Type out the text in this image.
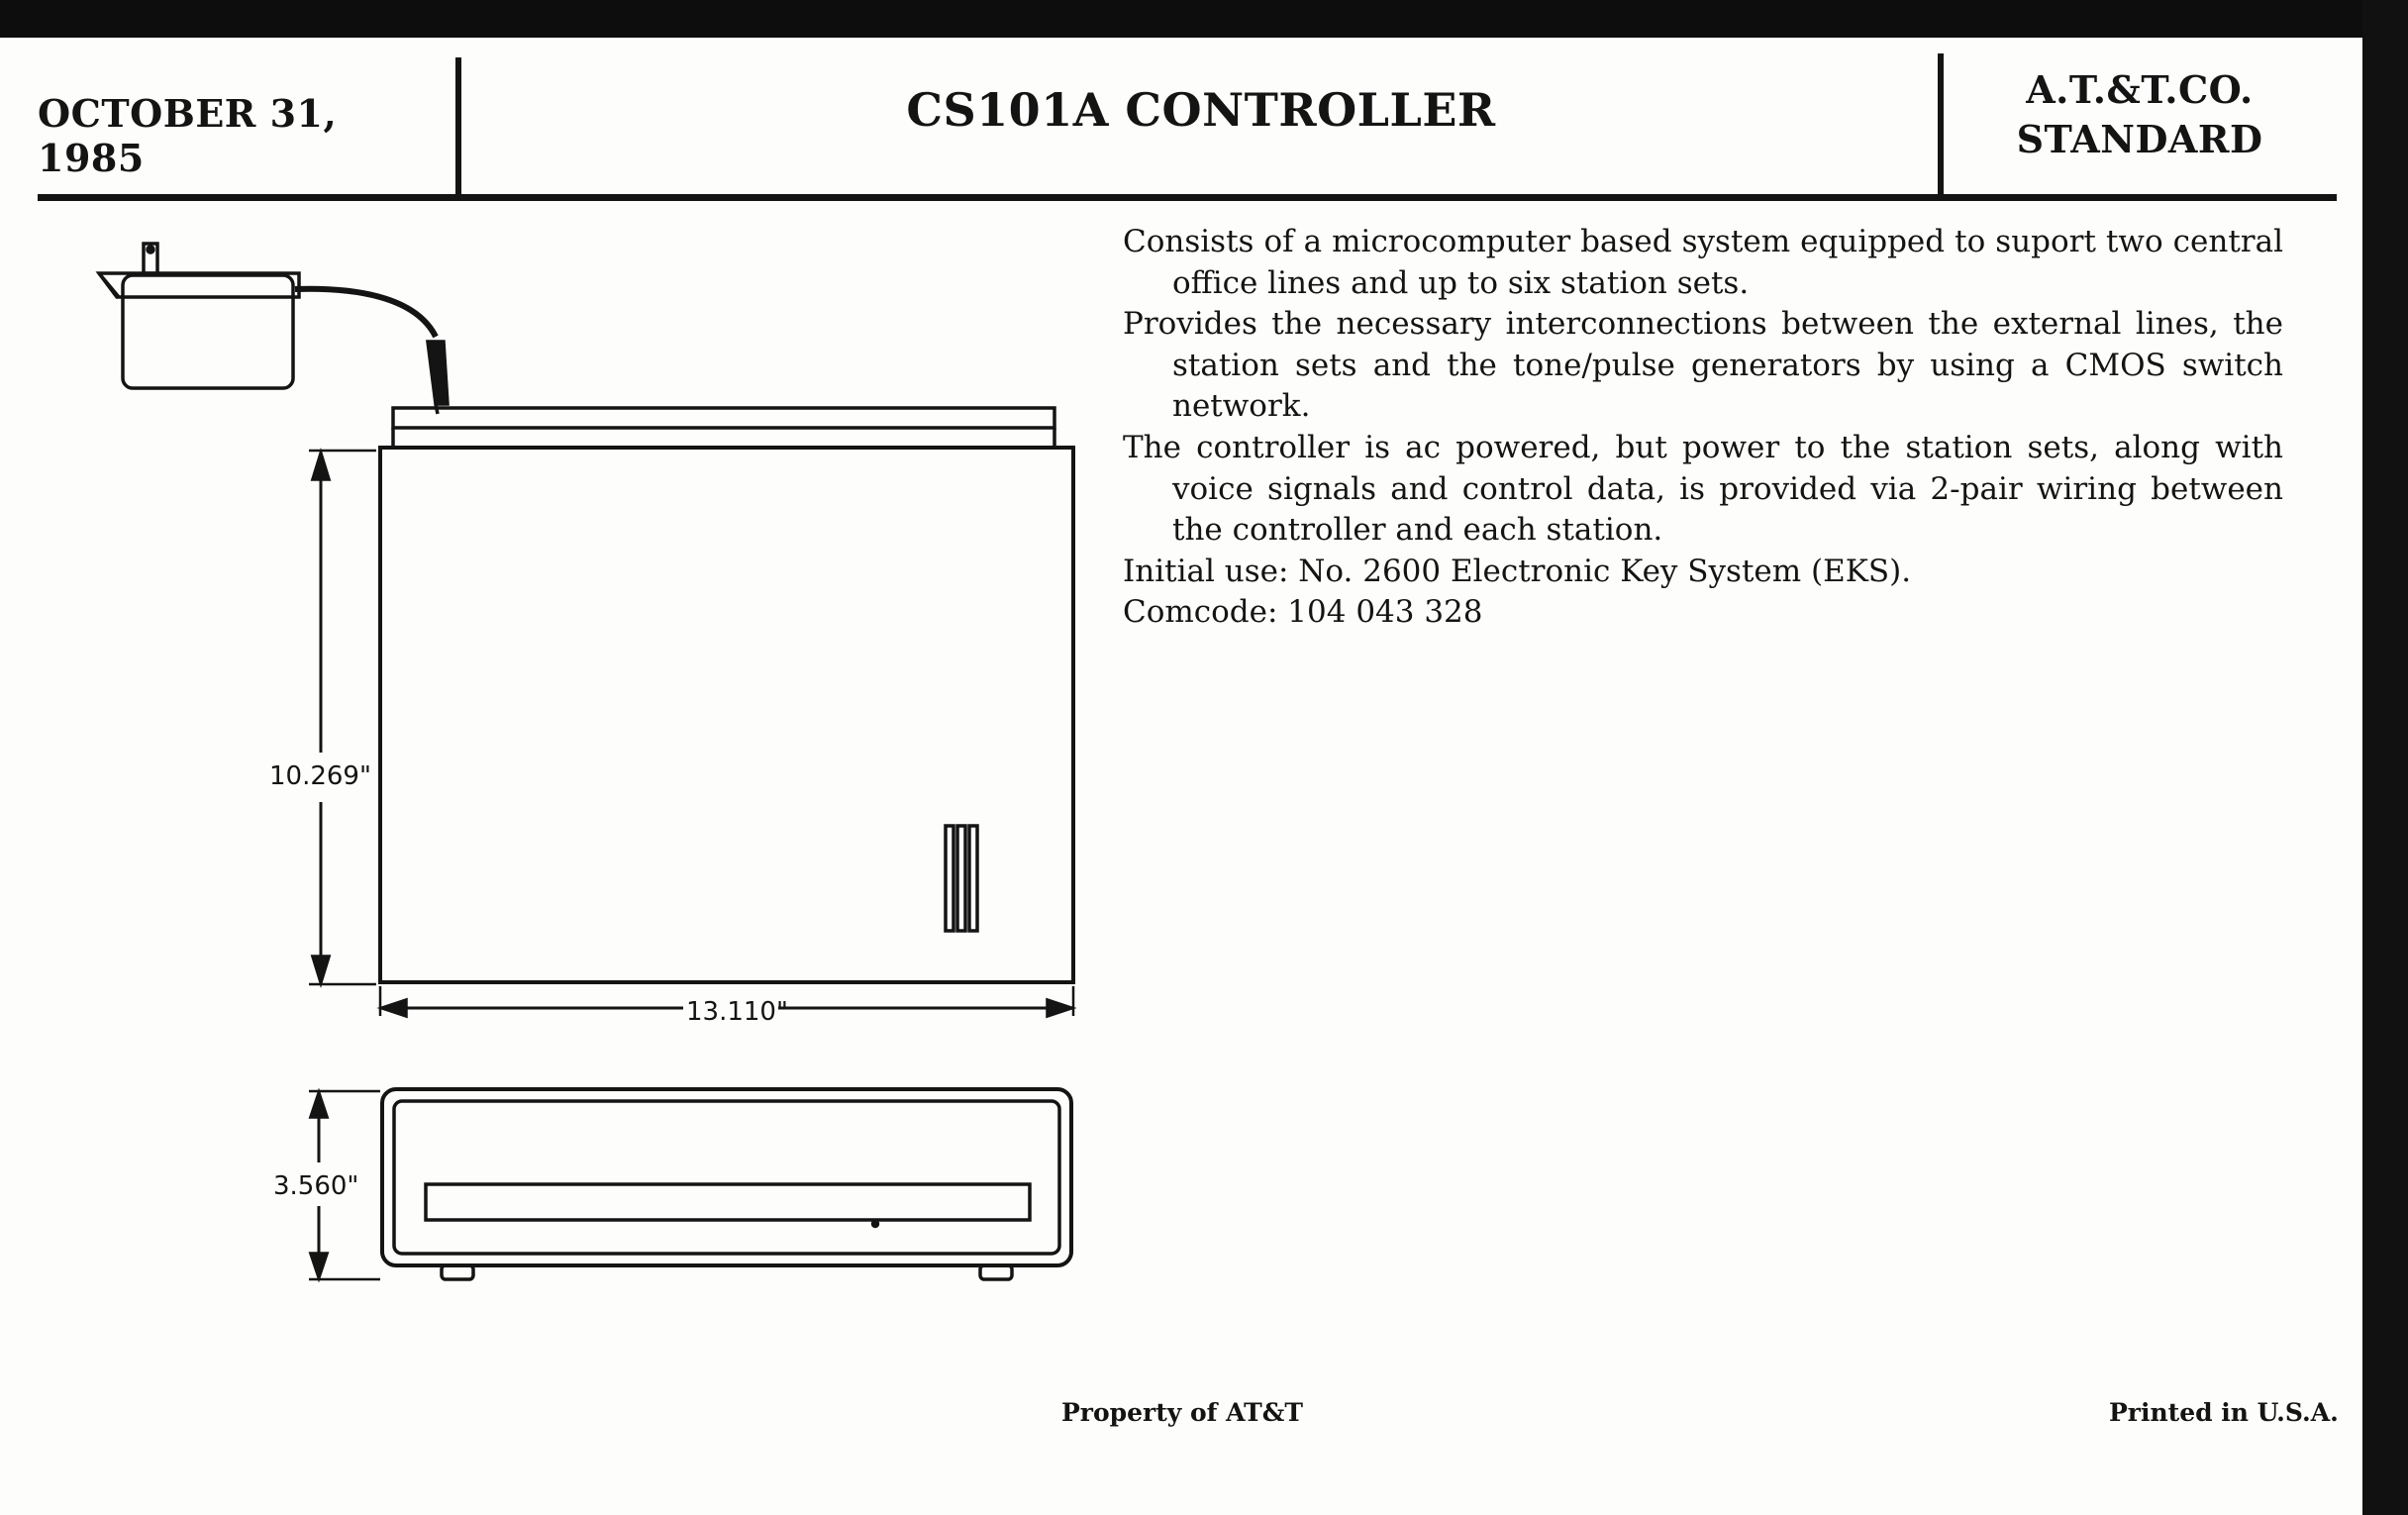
OCTOBER 31, 1985
CS101A CONTROLLER	A.T.&T.CO.
STANDARD

Consists of a microcomputer based system equipped to suport two central office lines and up to six station sets.

Provides the necessary interconnections between the external lines, the station sets and the tone/pulse generators by using a CMOS switch network.

The controller is ac powered, but power to the station sets, along with voice signals and control data, is provided via 2-pair wiring between the controller and each station.

Initial use: No. 2600 Electronic Key System (EKS).

Comcode: 104 043 328

10.269"
13.110"
3.560"
Property of AT&T	Printed in U.S.A.
